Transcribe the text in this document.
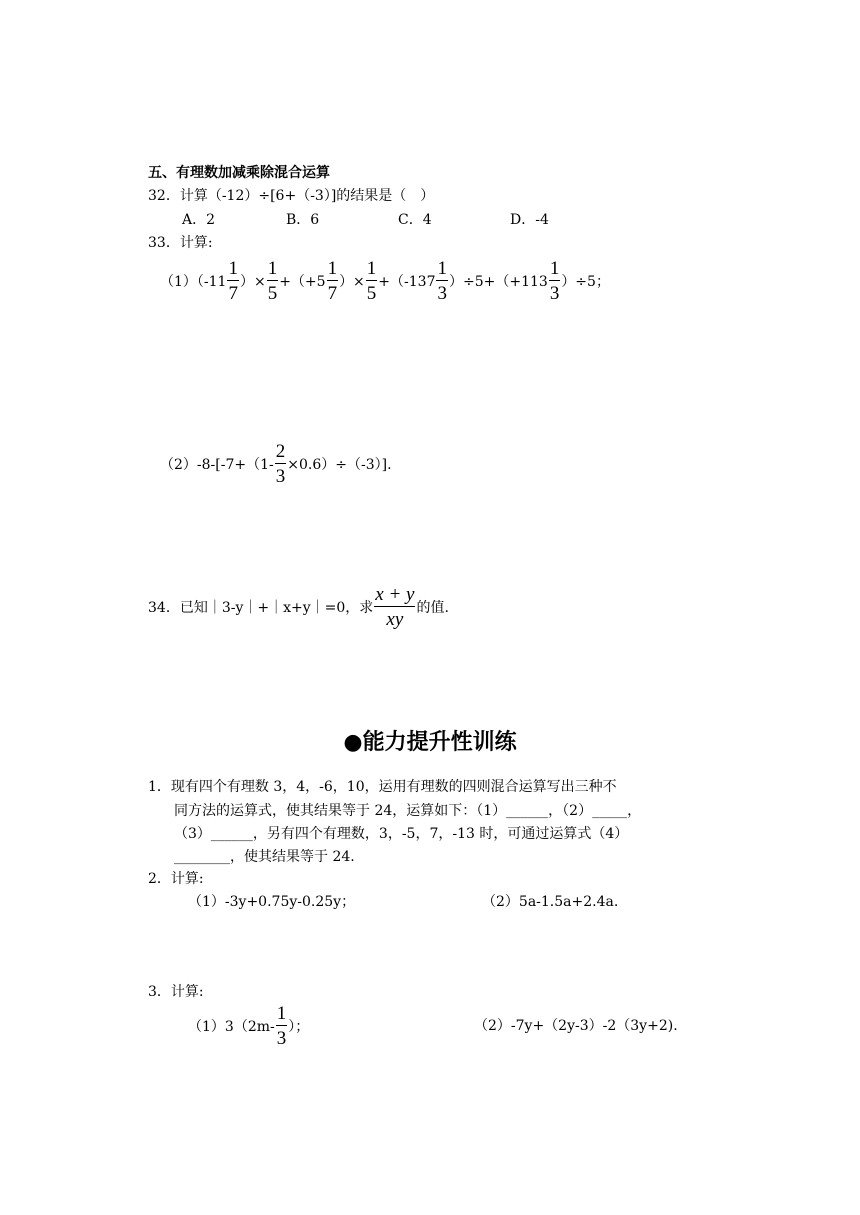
五、有理数加减乘除混合运算
32．计算（-12）÷[6+（-3）]的结果是（　）
A．2	B．6	C．4	D．-4
33．计算:
$(1)(-11 \frac{1}{7}$ ）× $\frac{1}{5} +(+5 \frac{1}{7}$ ）× $\frac{1}{5} +(-137 \frac{1}{3} )\div 5+(+113 \frac{1}{3} )\div 5$；
$(2)-8-[-7+(1- \frac{2}{3} \times 0.6)\div(-3)]$.
34．已知｜3-y｜+｜x+y｜=0，求 $\frac{x + y}{xy}$ 的值.
●能力提升性训练
1．现有四个有理数 3，4，-6，10，运用有理数的四则混合运算写出三种不
同方法的运算式，使其结果等于 24，运算如下：（1）______，（2）_____，
（3）______，另有四个有理数，3，-5，7，-13 时，可通过运算式（4）
________，使其结果等于 24.
2．计算:
（1）-3y+0.75y-0.25y；	（2）5a-1.5a+2.4a.
3．计算:
$(1)3(2m- \frac{1}{3}$ ）；	（2）-7y+（2y-3）-2（3y+2).
